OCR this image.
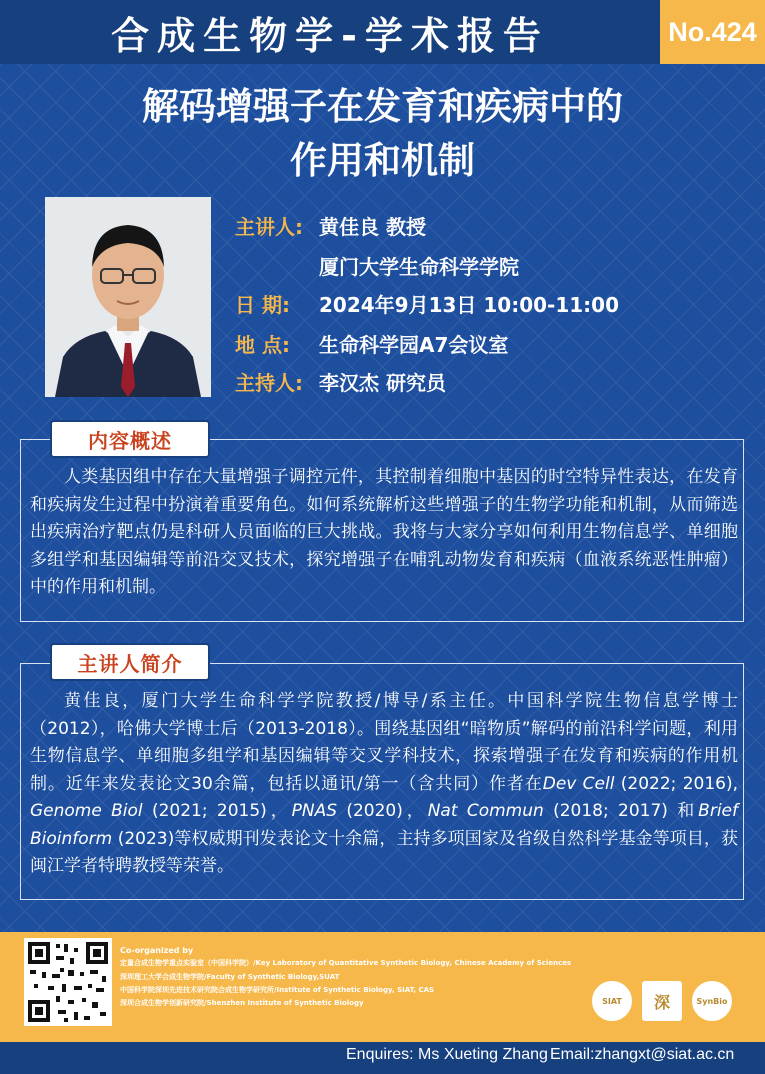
合成生物学-学术报告	No.424
解码增强子在发育和疾病中的
作用和机制
主讲人: 黄佳良 教授
厦门大学生命科学学院
日 期:	2024年9月13日 10:00-11:00
地 点:	生命科学园A7会议室
主持人: 李汉杰 研究员
内容概述
人类基因组中存在大量增强子调控元件，其控制着细胞中基因的时空特异性表达，在发育和疾病发生过程中扮演着重要角色。如何系统解析这些增强子的生物学功能和机制，从而筛选出疾病治疗靶点仍是科研人员面临的巨大挑战。我将与大家分享如何利用生物信息学、单细胞多组学和基因编辑等前沿交叉技术，探究增强子在哺乳动物发育和疾病（血液系统恶性肿瘤）中的作用和机制。
主讲人简介
黄佳良，厦门大学生命科学学院教授/博导/系主任。中国科学院生物信息学博士（2012），哈佛大学博士后（2013-2018）。围绕基因组“暗物质”解码的前沿科学问题，利用生物信息学、单细胞多组学和基因编辑等交叉学科技术，探索增强子在发育和疾病的作用机制。近年来发表论文30余篇，包括以通讯/第一（含共同）作者在Dev Cell (2022; 2016), Genome Biol (2021; 2015)，PNAS (2020)，Nat Commun (2018; 2017) 和Brief Bioinform (2023)等权威期刊发表论文十余篇，主持多项国家及省级自然科学基金等项目，获闽江学者特聘教授等荣誉。
Co-organized by
定量合成生物学重点实验室（中国科学院）/Key Laboratory of Quantitative Synthetic Biology, Chinese Academy of Sciences
深圳理工大学合成生物学院/Faculty of Synthetic Biology,SUAT
中国科学院深圳先进技术研究院合成生物学研究所/Institute of Synthetic Biology, SIAT, CAS
深圳合成生物学创新研究院/Shenzhen Institute of Synthetic Biology	SIAT	深	SynBio
Enquires: Ms Xueting Zhang Email:zhangxt@siat.ac.cn
